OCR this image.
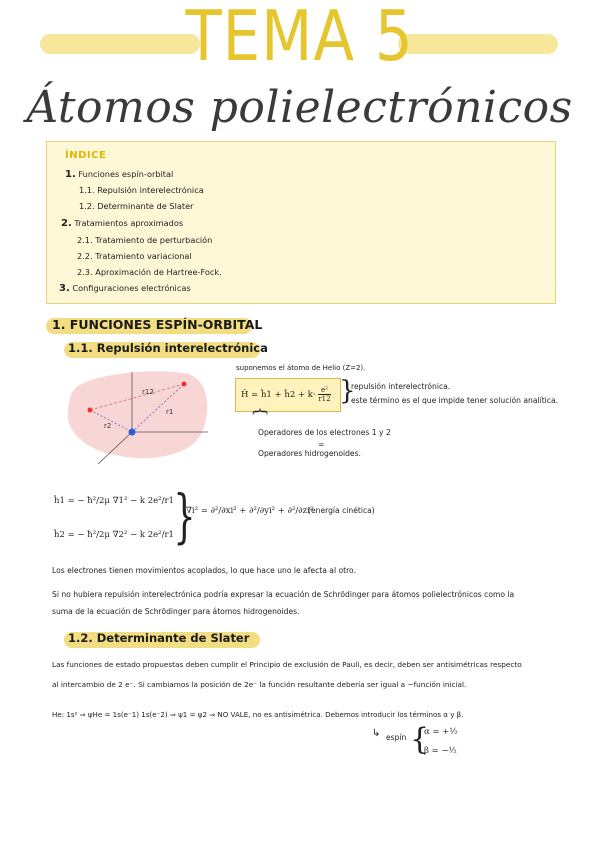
TEMA 5
Átomos polielectrónicos
ÍNDICE
1. Funciones espín-orbital
1.1. Repulsión interelectrónica
1.2. Determinante de Slater
2. Tratamientos aproximados
2.1. Tratamiento de perturbación
2.2. Tratamiento variacional
2.3. Aproximación de Hartree-Fock.
3. Configuraciones electrónicas
1. FUNCIONES ESPÍN-ORBITAL
1.1. Repulsión interelectrónica
r12
r1
r2
suponemos el átomo de Helio (Z=2).
Ĥ = ĥ1 + ĥ2 + $k\cdot \frac{\text{e²}}{r12}$ }
repulsión interelectrónica.
este término es el que impide tener solución analítica.
{
Operadores de los electrones 1 y 2
=
Operadores hidrogenoides.
ĥ1 = − ħ²/2μ ∇1² − k 2e²/r1
ĥ2 = − ħ²/2μ ∇2² − k 2e²/r1 }
∇i² = ∂²/∂xi² + ∂²/∂yi² + ∂²/∂zi²
(energía cinética)
Los electrones tienen movimientos acoplados, lo que hace uno le afecta al otro.
Si no hubiera repulsión interelectrónica podría expresar la ecuación de Schrödinger para átomos polielectrónicos como la
suma de la ecuación de Schrödinger para átomos hidrogenoides.
1.2. Determinante de Slater
Las funciones de estado propuestas deben cumplir el Principio de exclusión de Pauli, es decir, deben ser antisimétricas respecto
al intercambio de 2 e⁻. Si cambiamos la posición de 2e⁻ la función resultante debería ser igual a −función inicial.
He: 1s² ⇒ ψHe = 1s(e⁻1) 1s(e⁻2) ⇒ ψ1 = ψ2 ⇒ NO VALE, no es antisimétrica. Debemos introducir los términos α y β.
↳ espín {
α = +½
β = −½
